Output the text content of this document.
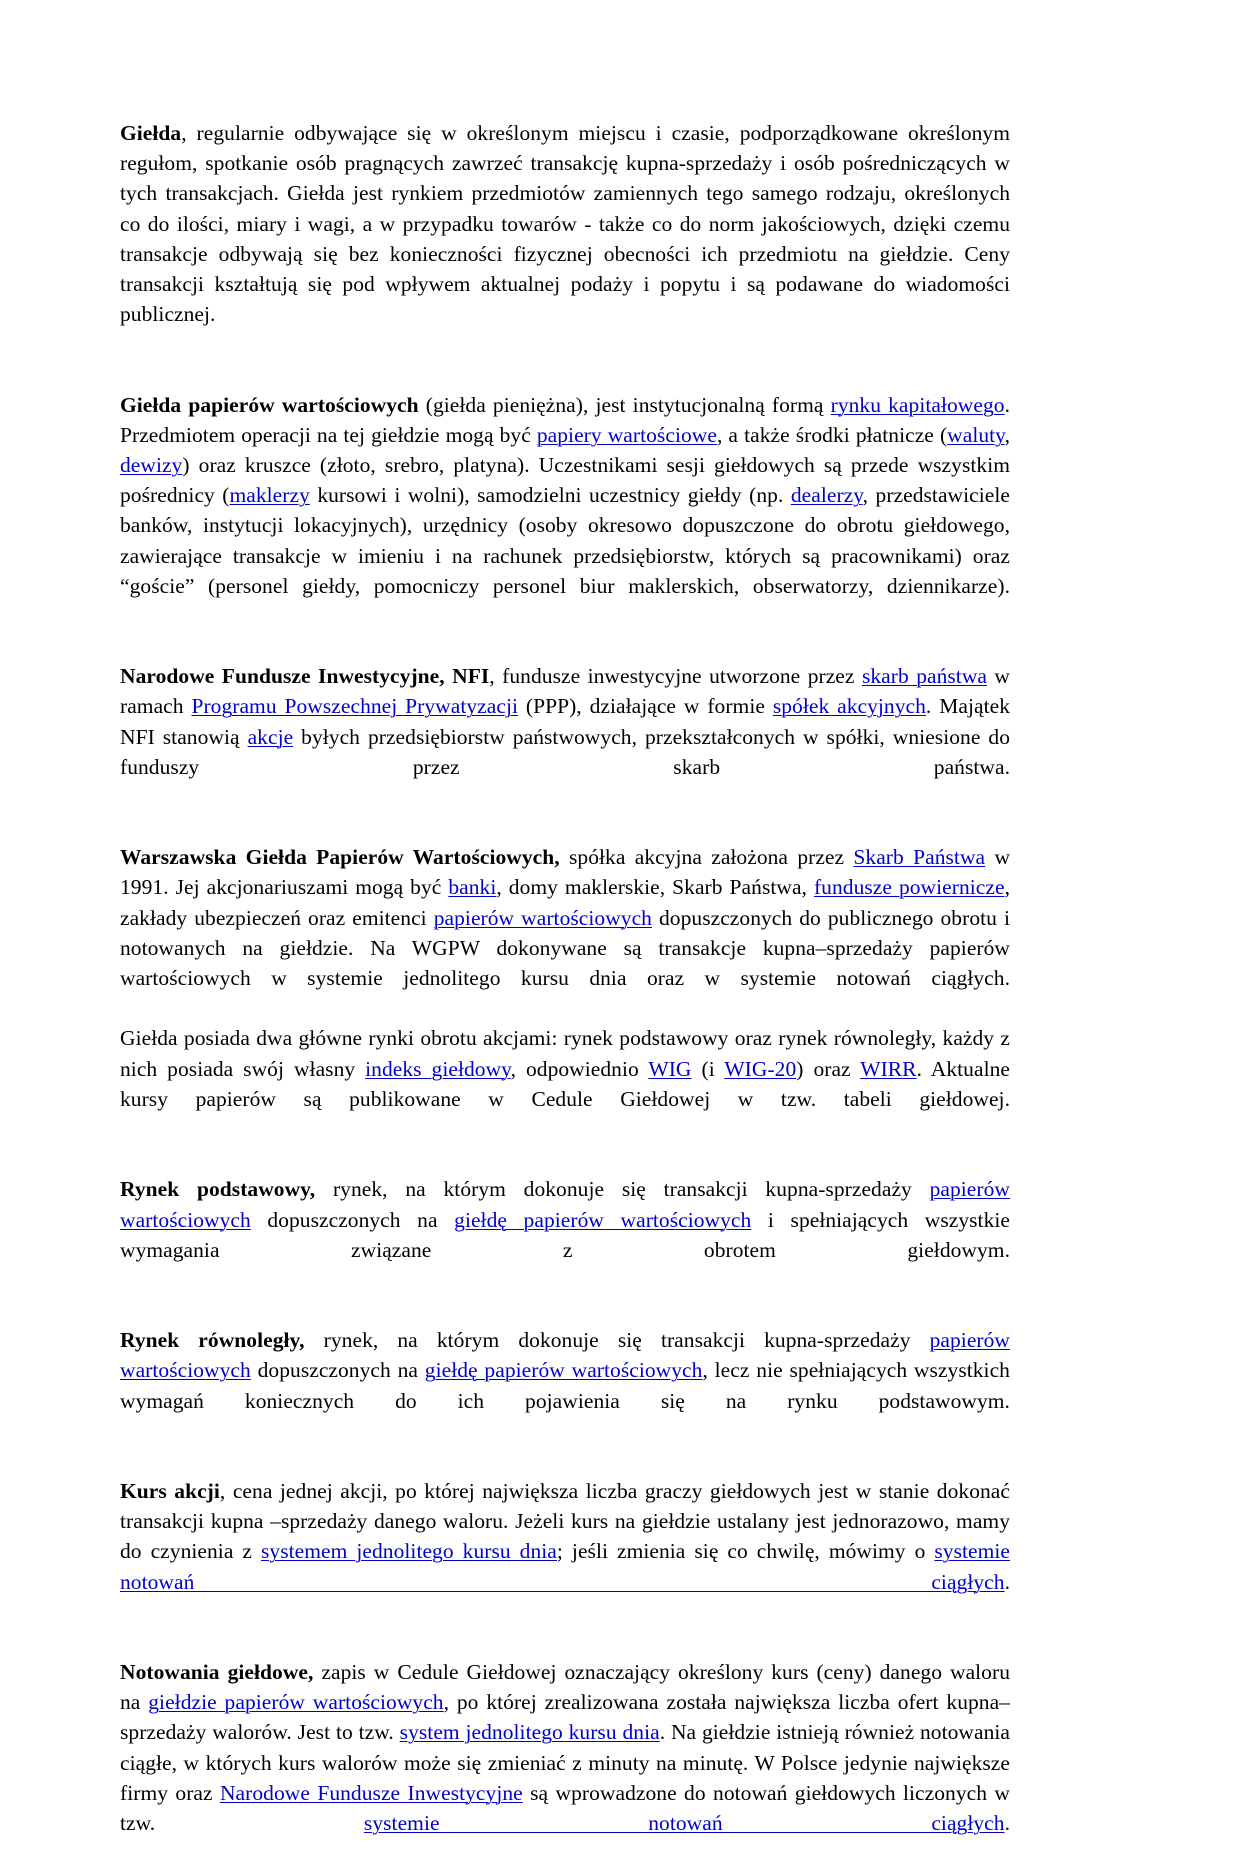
Giełda, regularnie odbywające się w określonym miejscu i czasie, podporządkowane określonym regułom, spotkanie osób pragnących zawrzeć transakcję kupna-sprzedaży i osób pośredniczących w tych transakcjach. Giełda jest rynkiem przedmiotów zamiennych tego samego rodzaju, określonych co do ilości, miary i wagi, a w przypadku towarów - także co do norm jakościowych, dzięki czemu transakcje odbywają się bez konieczności fizycznej obecności ich przedmiotu na giełdzie. Ceny transakcji kształtują się pod wpływem aktualnej podaży i popytu i są podawane do wiadomości publicznej.

Giełda papierów wartościowych (giełda pieniężna), jest instytucjonalną formą rynku kapitałowego. Przedmiotem operacji na tej giełdzie mogą być papiery wartościowe, a także środki płatnicze (waluty, dewizy) oraz kruszce (złoto, srebro, platyna). Uczestnikami sesji giełdowych są przede wszystkim pośrednicy (maklerzy kursowi i wolni), samodzielni uczestnicy giełdy (np. dealerzy, przedstawiciele banków, instytucji lokacyjnych), urzędnicy (osoby okresowo dopuszczone do obrotu giełdowego, zawierające transakcje w imieniu i na rachunek przedsiębiorstw, których są pracownikami) oraz “goście” (personel giełdy, pomocniczy personel biur maklerskich, obserwatorzy, dziennikarze).

Narodowe Fundusze Inwestycyjne, NFI, fundusze inwestycyjne utworzone przez skarb państwa w ramach Programu Powszechnej Prywatyzacji (PPP), działające w formie spółek akcyjnych. Majątek NFI stanowią akcje byłych przedsiębiorstw państwowych, przekształconych w spółki, wniesione do funduszy przez skarb państwa.

Warszawska Giełda Papierów Wartościowych, spółka akcyjna założona przez Skarb Państwa w 1991. Jej akcjonariuszami mogą być banki, domy maklerskie, Skarb Państwa, fundusze powiernicze, zakłady ubezpieczeń oraz emitenci papierów wartościowych dopuszczonych do publicznego obrotu i notowanych na giełdzie. Na WGPW dokonywane są transakcje kupna–sprzedaży papierów wartościowych w systemie jednolitego kursu dnia oraz w systemie notowań ciągłych.

Giełda posiada dwa główne rynki obrotu akcjami: rynek podstawowy oraz rynek równoległy, każdy z nich posiada swój własny indeks giełdowy, odpowiednio WIG (i WIG-20) oraz WIRR. Aktualne kursy papierów są publikowane w Cedule Giełdowej w tzw. tabeli giełdowej.

Rynek podstawowy, rynek, na którym dokonuje się transakcji kupna-sprzedaży papierów wartościowych dopuszczonych na giełdę papierów wartościowych i spełniających wszystkie wymagania związane z obrotem giełdowym.

Rynek równoległy, rynek, na którym dokonuje się transakcji kupna-sprzedaży papierów wartościowych dopuszczonych na giełdę papierów wartościowych, lecz nie spełniających wszystkich wymagań koniecznych do ich pojawienia się na rynku podstawowym.

Kurs akcji, cena jednej akcji, po której największa liczba graczy giełdowych jest w stanie dokonać transakcji kupna –sprzedaży danego waloru. Jeżeli kurs na giełdzie ustalany jest jednorazowo, mamy do czynienia z systemem jednolitego kursu dnia; jeśli zmienia się co chwilę, mówimy o systemie notowań ciągłych.

Notowania giełdowe, zapis w Cedule Giełdowej oznaczający określony kurs (ceny) danego waloru na giełdzie papierów wartościowych, po której zrealizowana została największa liczba ofert kupna–sprzedaży walorów. Jest to tzw. system jednolitego kursu dnia. Na giełdzie istnieją również notowania ciągłe, w których kurs walorów może się zmieniać z minuty na minutę. W Polsce jedynie największe firmy oraz Narodowe Fundusze Inwestycyjne są wprowadzone do notowań giełdowych liczonych w tzw. systemie notowań ciągłych.
